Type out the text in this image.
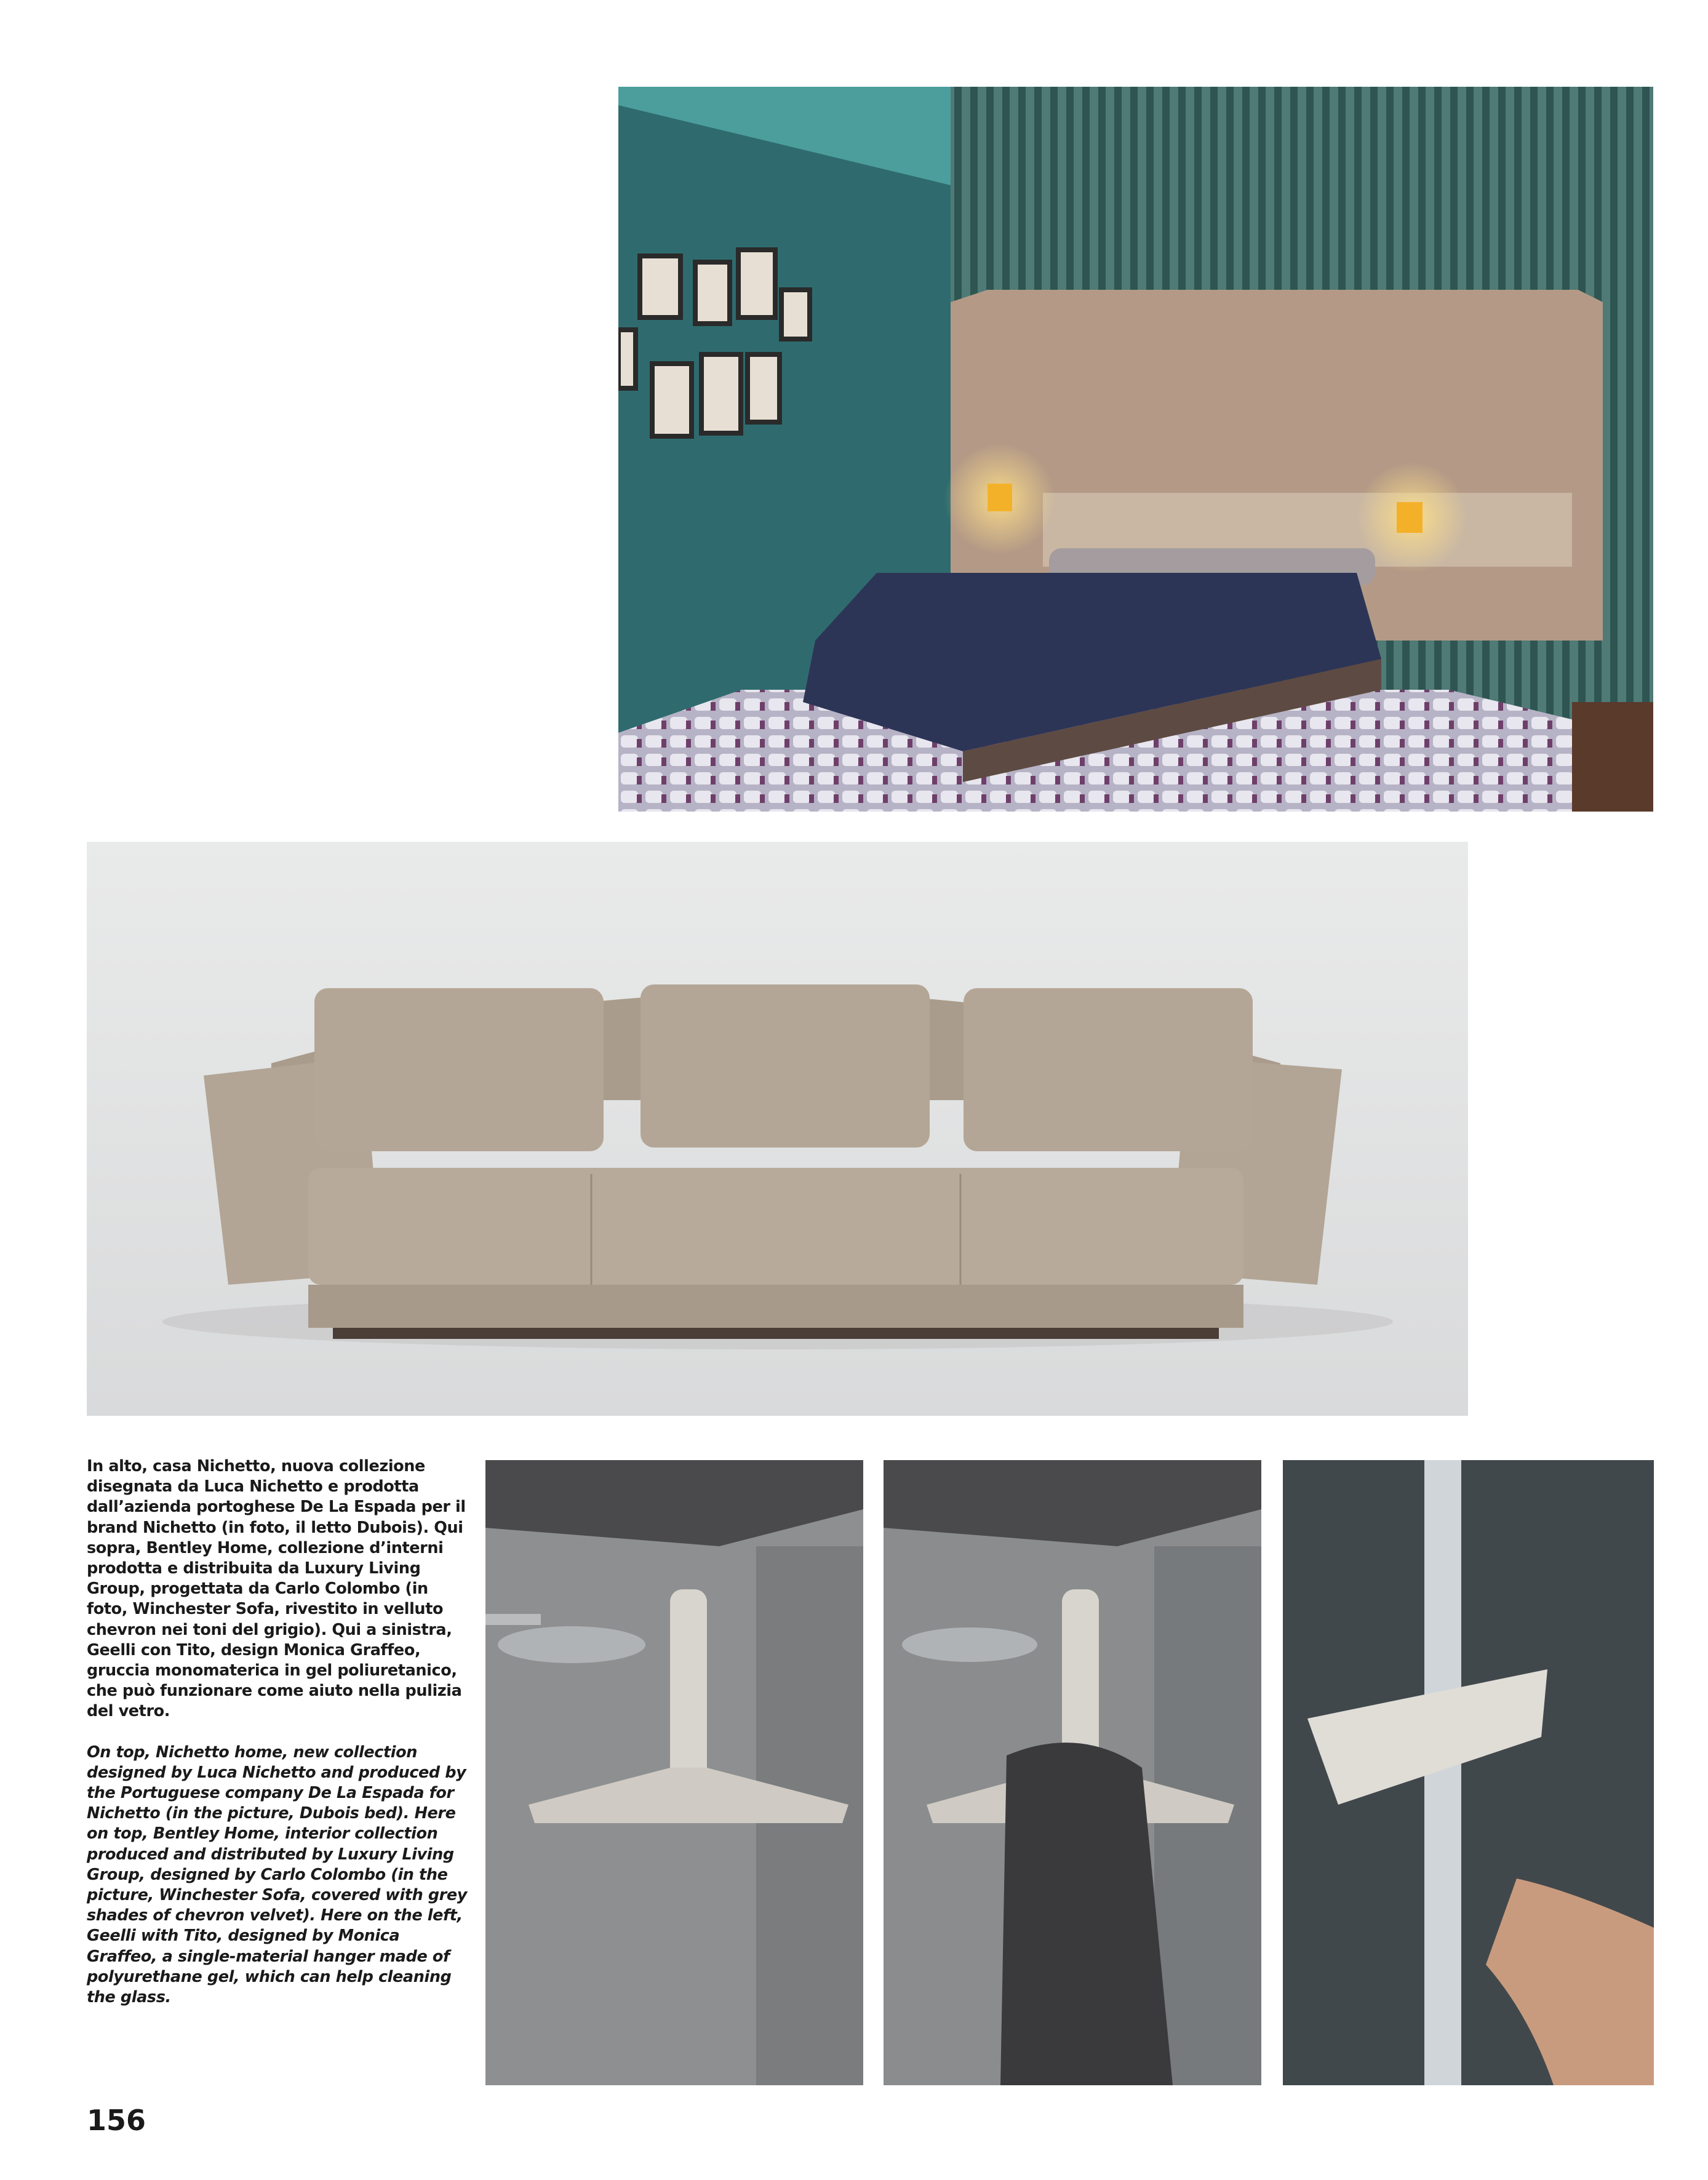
In alto, casa Nichetto, nuova collezione disegnata da Luca Nichetto e prodotta dall’azienda portoghese De La Espada per il brand Nichetto (in foto, il letto Dubois). Qui sopra, Bentley Home, collezione d’interni prodotta e distribuita da Luxury Living Group, progettata da Carlo Colombo (in foto, Winchester Sofa, rivestito in velluto chevron nei toni del grigio). Qui a sinistra, Geelli con Tito, design Monica Graffeo, gruccia monomaterica in gel poliuretanico, che può funzionare come aiuto nella pulizia del vetro.

On top, Nichetto home, new collection designed by Luca Nichetto and produced by the Portuguese company De La Espada for Nichetto (in the picture, Dubois bed). Here on top, Bentley Home, interior collection produced and distributed by Luxury Living Group, designed by Carlo Colombo (in the picture, Winchester Sofa, covered with grey shades of chevron velvet). Here on the left, Geelli with Tito, designed by Monica Graffeo, a single-material hanger made of polyurethane gel, which can help cleaning the glass.

156
